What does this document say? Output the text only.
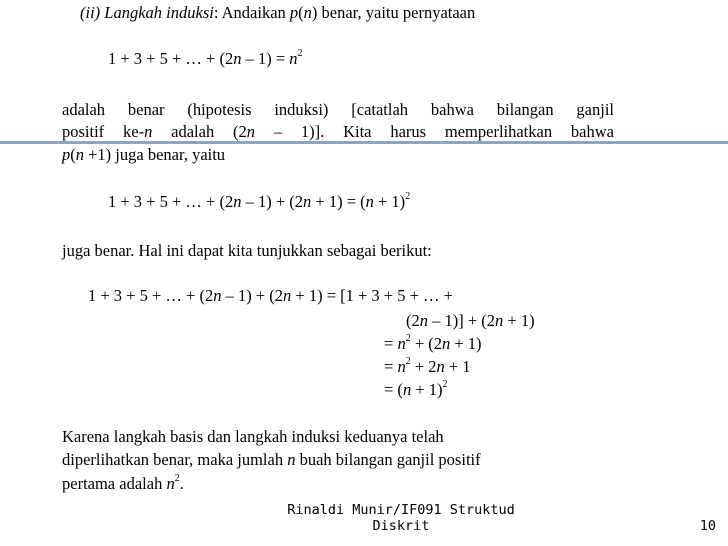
(ii) Langkah induksi: Andaikan p(n) benar, yaitu pernyataan
1 + 3 + 5 + … + $(2n - 1) = n^2$
adalah benar (hipotesis induksi) [catatlah bahwa bilangan ganjil
positif ke-n adalah (2n – 1)]. Kita harus memperlihatkan bahwa
p(n +1) juga benar, yaitu
1 + 3 + 5 + … + $(2n - 1) + (2n + 1) = (n + 1)^2$
juga benar. Hal ini dapat kita tunjukkan sebagai berikut:
1 + 3 + 5 + … + (2n – 1) + (2n + 1) = [1 + 3 + 5 + … +
(2n – 1)] + (2n + 1)
= $n^2 + (2n + 1)$
= $n^2 + 2n + 1$
= $(n + 1)^2$
Karena langkah basis dan langkah induksi keduanya telah
diperlihatkan benar, maka jumlah n buah bilangan ganjil positif
pertama adalah $n^2$.
Rinaldi Munir/IF091 Struktud
Diskrit	10
